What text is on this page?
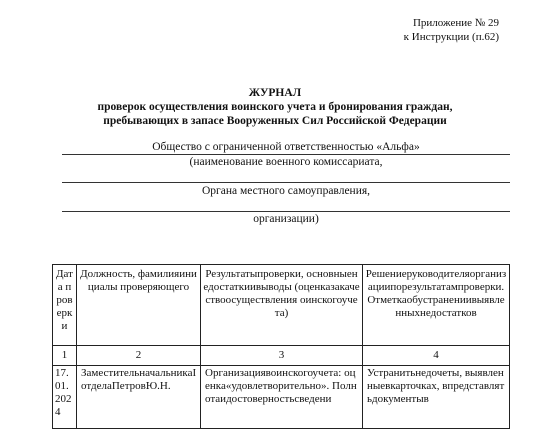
Приложение № 29
к Инструкции (п.62)
ЖУРНАЛ
проверок осуществления воинского учета и бронирования граждан,
пребывающих в запасе Вооруженных Сил Российской Федерации
Общество с ограниченной ответственностью «Альфа»
(наименование военного комиссариата,
Органа местного самоуправления,
организации)
Дата проверки	Должность, фамилияинициалы проверяющего	Результатыпроверки, основныенедостаткиивыводы (оценказакачествоосуществления оинскогоучета)	Решениеруководителяорганизациипорезультатампроверки. Отметкаобустранениивыявленныхнедостатков
1	2	3	4
17.01.2024	ЗаместительначальникаIотделаПетровЮ.Н.	Организациявоинскогоучета: оценка«удовлетворительно». Полнотаидостоверностьсведени	Устранитьнедочеты, выявленныевкарточках, впредставлятьдокументыв
